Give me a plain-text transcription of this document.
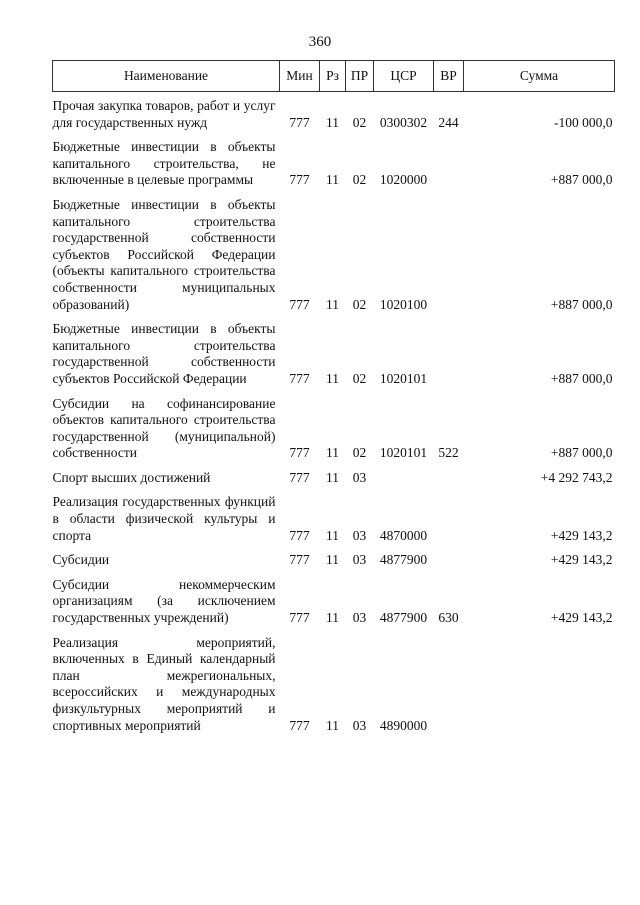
360
Наименование	Мин	Рз	ПР	ЦСР	ВР	Сумма
Прочая закупка товаров, работ и услуг для государственных нужд	777	11	02	0300302	244	-100 000,0
Бюджетные инвестиции в объекты капитального строительства, не включенные в целевые программы	777	11	02	1020000		+887 000,0
Бюджетные инвестиции в объекты капитального строительства государственной собственности субъектов Российской Федерации (объекты капитального строительства собственности муниципальных образований)	777	11	02	1020100		+887 000,0
Бюджетные инвестиции в объекты капитального строительства государственной собственности субъектов Российской Федерации	777	11	02	1020101		+887 000,0
Субсидии на софинансирование объектов капитального строительства государственной (муниципальной) собственности	777	11	02	1020101	522	+887 000,0
Спорт высших достижений	777	11	03			+4 292 743,2
Реализация государственных функций в области физической культуры и спорта	777	11	03	4870000		+429 143,2
Субсидии	777	11	03	4877900		+429 143,2
Субсидии некоммерческим организациям (за исключением государственных учреждений)	777	11	03	4877900	630	+429 143,2
Реализация мероприятий, включенных в Единый календарный план межрегиональных, всероссийских и международных физкультурных мероприятий и спортивных мероприятий	777	11	03	4890000		
